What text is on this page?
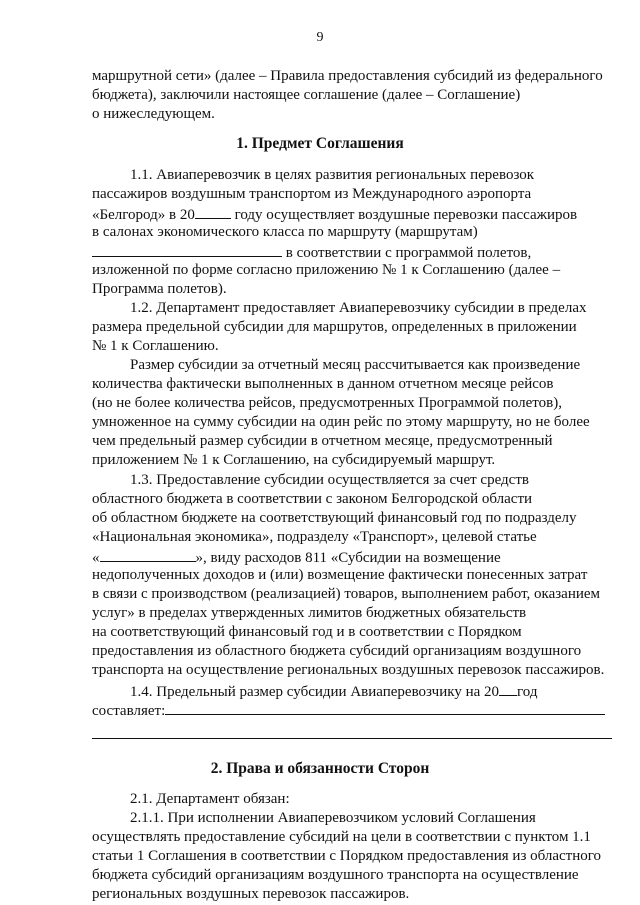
9
маршрутной сети» (далее – Правила предоставления субсидий из федерального
бюджета), заключили настоящее соглашение (далее – Соглашение)
о нижеследующем.
1. Предмет Соглашения
1.1. Авиаперевозчик в целях развития региональных перевозок
пассажиров воздушным транспортом из Международного аэропорта
«Белгород» в 20	году осуществляет воздушные перевозки пассажиров
в салонах экономического класса по маршруту (маршрутам)
в соответствии с программой полетов,
изложенной по форме согласно приложению № 1 к Соглашению (далее –
Программа полетов).
1.2. Департамент предоставляет Авиаперевозчику субсидии в пределах
размера предельной субсидии для маршрутов, определенных в приложении
№ 1 к Соглашению.
Размер субсидии за отчетный месяц рассчитывается как произведение
количества фактически выполненных в данном отчетном месяце рейсов
(но не более количества рейсов, предусмотренных Программой полетов),
умноженное на сумму субсидии на один рейс по этому маршруту, но не более
чем предельный размер субсидии в отчетном месяце, предусмотренный
приложением № 1 к Соглашению, на субсидируемый маршрут.
1.3. Предоставление субсидии осуществляется за счет средств
областного бюджета в соответствии с законом Белгородской области
об областном бюджете на соответствующий финансовый год по подразделу
«Национальная экономика», подразделу «Транспорт», целевой статье
«	», виду расходов 811 «Субсидии на возмещение
недополученных доходов и (или) возмещение фактически понесенных затрат
в связи с производством (реализацией) товаров, выполнением работ, оказанием
услуг» в пределах утвержденных лимитов бюджетных обязательств
на соответствующий финансовый год и в соответствии с Порядком
предоставления из областного бюджета субсидий организациям воздушного
транспорта на осуществление региональных воздушных перевозок пассажиров.
1.4. Предельный размер субсидии Авиаперевозчику на 20 год
составляет:
2. Права и обязанности Сторон
2.1. Департамент обязан:
2.1.1. При исполнении Авиаперевозчиком условий Соглашения
осуществлять предоставление субсидий на цели в соответствии с пунктом 1.1
статьи 1 Соглашения в соответствии с Порядком предоставления из областного
бюджета субсидий организациям воздушного транспорта на осуществление
региональных воздушных перевозок пассажиров.
